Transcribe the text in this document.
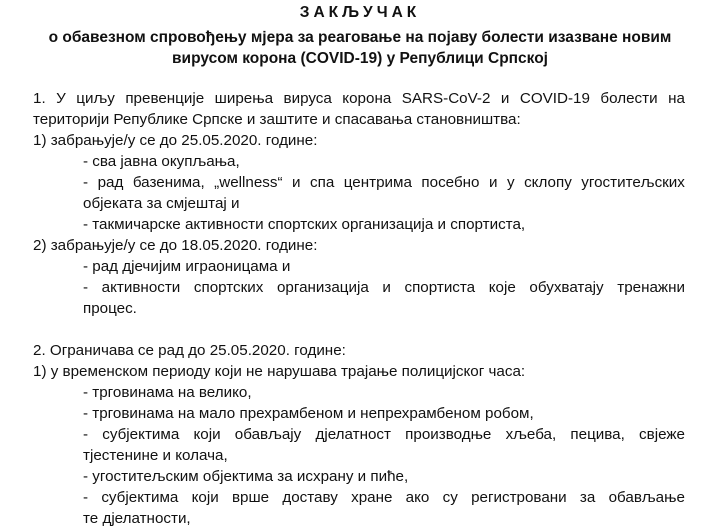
ЗАКЉУЧАК
о обавезном спровођењу мјера за реаговање на појаву болести изазване новим
вирусом корона (COVID-19) у Републици Српској
1. У циљу превенције ширења вируса корона SARS-CoV-2 и COVID-19 болести на
територији Републике Српске и заштите и спасавања становништва:
1) забрањује/у се до 25.05.2020. године:
- сва јавна окупљања,
- рад базенима, „wellness“ и спа центрима посебно и у склопу угоститељских
објеката за смјештај и
- такмичарске активности спортских организација и спортиста,
2) забрањује/у се до 18.05.2020. године:
- рад дјечијим играоницама и
- активности спортских организација и спортиста које обухватају тренажни
процес.
2. Ограничава се рад до 25.05.2020. године:
1) у временском периоду који не нарушава трајање полицијског часа:
- трговинама на велико,
- трговинама на мало прехрамбеном и непрехрамбеном робом,
- субјектима који обављају дјелатност производње хљеба, пецива, свјеже
тјестенине и колача,
- угоститељским објектима за исхрану и пиће,
- субјектима који врше доставу хране ако су регистровани за обављање
те дјелатности,
